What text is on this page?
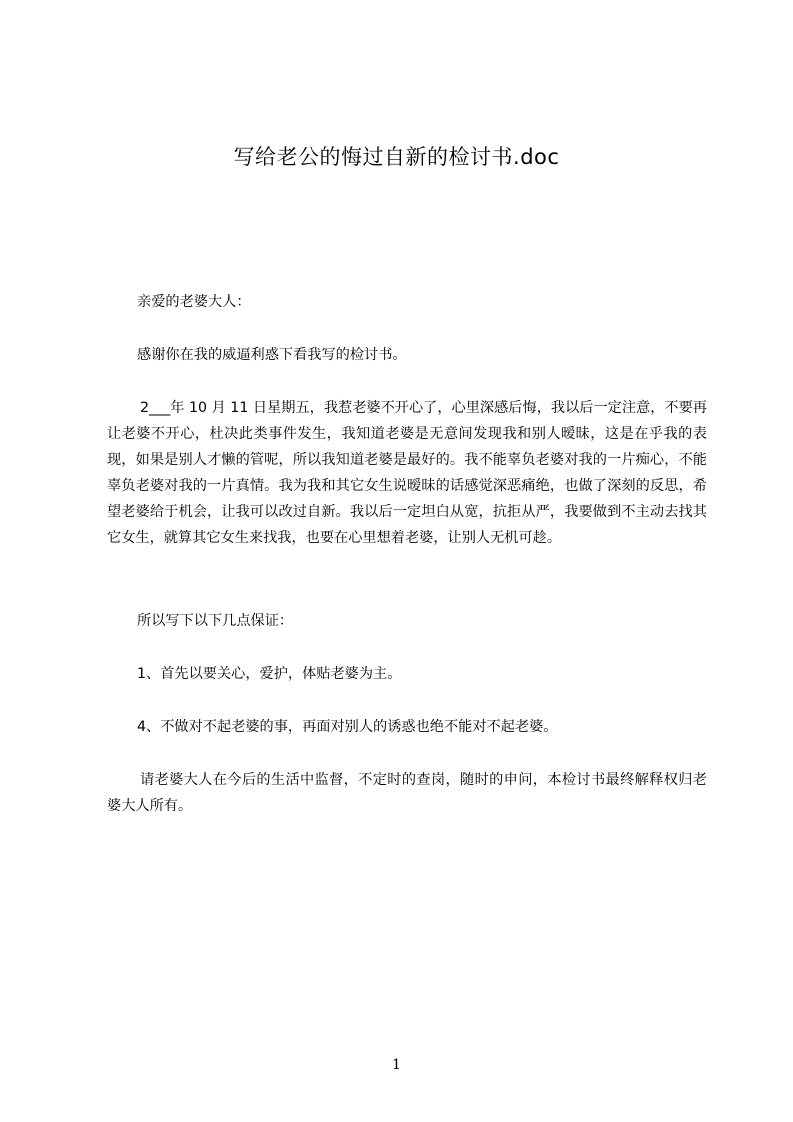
写给老公的悔过自新的检讨书.doc
亲爱的老婆大人：
感谢你在我的威逼利惑下看我写的检讨书。
2___年 10 月 11 日星期五，我惹老婆不开心了，心里深感后悔，我以后一定注意，不要再让老婆不开心，杜决此类事件发生，我知道老婆是无意间发现我和别人暧昧，这是在乎我的表现，如果是别人才懒的管呢，所以我知道老婆是最好的。我不能辜负老婆对我的一片痴心，不能辜负老婆对我的一片真情。我为我和其它女生说暧昧的话感觉深恶痛绝，也做了深刻的反思，希望老婆给于机会，让我可以改过自新。我以后一定坦白从宽，抗拒从严，我要做到不主动去找其它女生，就算其它女生来找我，也要在心里想着老婆，让别人无机可趁。
所以写下以下几点保证：
1、首先以要关心，爱护，体贴老婆为主。
4、不做对不起老婆的事，再面对别人的诱惑也绝不能对不起老婆。
请老婆大人在今后的生活中监督，不定时的查岗，随时的申问，本检讨书最终解释权归老婆大人所有。
1
